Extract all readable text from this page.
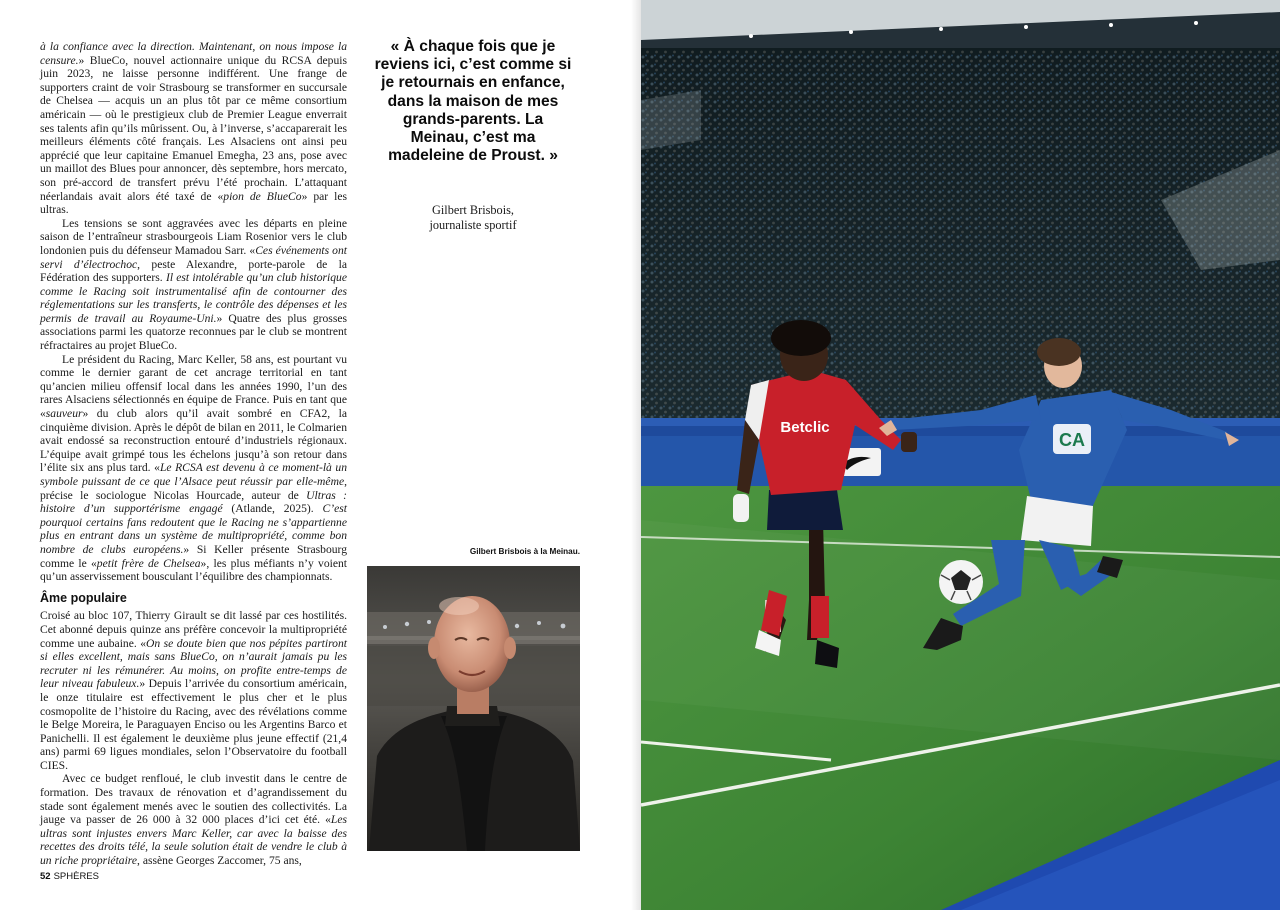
à la confiance avec la direction. Maintenant, on nous impose la censure.» BlueCo, nouvel actionnaire unique du RCSA depuis juin 2023, ne laisse personne indifférent. Une frange de supporters craint de voir Strasbourg se transformer en succursale de Chelsea — acquis un an plus tôt par ce même consortium américain — où le prestigieux club de Premier League enverrait ses talents afin qu’ils mûrissent. Ou, à l’inverse, s’accaparerait les meilleurs éléments côté français. Les Alsaciens ont ainsi peu apprécié que leur capitaine Emanuel Emegha, 23 ans, pose avec un maillot des Blues pour annoncer, dès septembre, hors mercato, son pré-accord de transfert prévu l’été prochain. L’attaquant néerlandais avait alors été taxé de «pion de BlueCo» par les ultras.

Les tensions se sont aggravées avec les départs en pleine saison de l’entraîneur strasbourgeois Liam Rosenior vers le club londonien puis du défenseur Mamadou Sarr. «Ces événements ont servi d’électrochoc, peste Alexandre, porte-parole de la Fédération des supporters. Il est intolérable qu’un club historique comme le Racing soit instrumentalisé afin de contourner des réglementations sur les transferts, le contrôle des dépenses et les permis de travail au Royaume-Uni.» Quatre des plus grosses associations parmi les quatorze reconnues par le club se montrent réfractaires au projet BlueCo.

Le président du Racing, Marc Keller, 58 ans, est pourtant vu comme le dernier garant de cet ancrage territorial en tant qu’ancien milieu offensif local dans les années 1990, l’un des rares Alsaciens sélectionnés en équipe de France. Puis en tant que «sauveur» du club alors qu’il avait sombré en CFA2, la cinquième division. Après le dépôt de bilan en 2011, le Colmarien avait endossé sa reconstruction entouré d’industriels régionaux. L’équipe avait grimpé tous les échelons jusqu’à son retour dans l’élite six ans plus tard. «Le RCSA est devenu à ce moment-là un symbole puissant de ce que l’Alsace peut réussir par elle-même, précise le sociologue Nicolas Hourcade, auteur de Ultras : histoire d’un supportérisme engagé (Atlande, 2025). C’est pourquoi certains fans redoutent que le Racing ne s’appartienne plus en entrant dans un système de multipropriété, comme bon nombre de clubs européens.» Si Keller présente Strasbourg comme le «petit frère de Chelsea», les plus méfiants n’y voient qu’un asservissement bousculant l’équilibre des championnats.

Âme populaire

Croisé au bloc 107, Thierry Girault se dit lassé par ces hostilités. Cet abonné depuis quinze ans préfère concevoir la multipropriété comme une aubaine. «On se doute bien que nos pépites partiront si elles excellent, mais sans BlueCo, on n’aurait jamais pu les recruter ni les rémunérer. Au moins, on profite entre-temps de leur niveau fabuleux.» Depuis l’arrivée du consortium américain, le onze titulaire est effectivement le plus cher et le plus cosmopolite de l’histoire du Racing, avec des révélations comme le Belge Moreira, le Paraguayen Enciso ou les Argentins Barco et Panichelli. Il est également le deuxième plus jeune effectif (21,4 ans) parmi 69 ligues mondiales, selon l’Observatoire du football CIES.

Avec ce budget renfloué, le club investit dans le centre de formation. Des travaux de rénovation et d’agrandissement du stade sont également menés avec le soutien des collectivités. La jauge va passer de 26 000 à 32 000 places d’ici cet été. «Les ultras sont injustes envers Marc Keller, car avec la baisse des recettes des droits télé, la seule solution était de vendre le club à un riche propriétaire, assène Georges Zaccomer, 75 ans,

« À chaque fois que je reviens ici, c’est comme si je retournais en enfance, dans la maison de mes grands-parents. La Meinau, c’est ma madeleine de Proust. »
Gilbert Brisbois,
journaliste sportif
Gilbert Brisbois à la Meinau.
52 SPHÈRES
Betclic
CA
